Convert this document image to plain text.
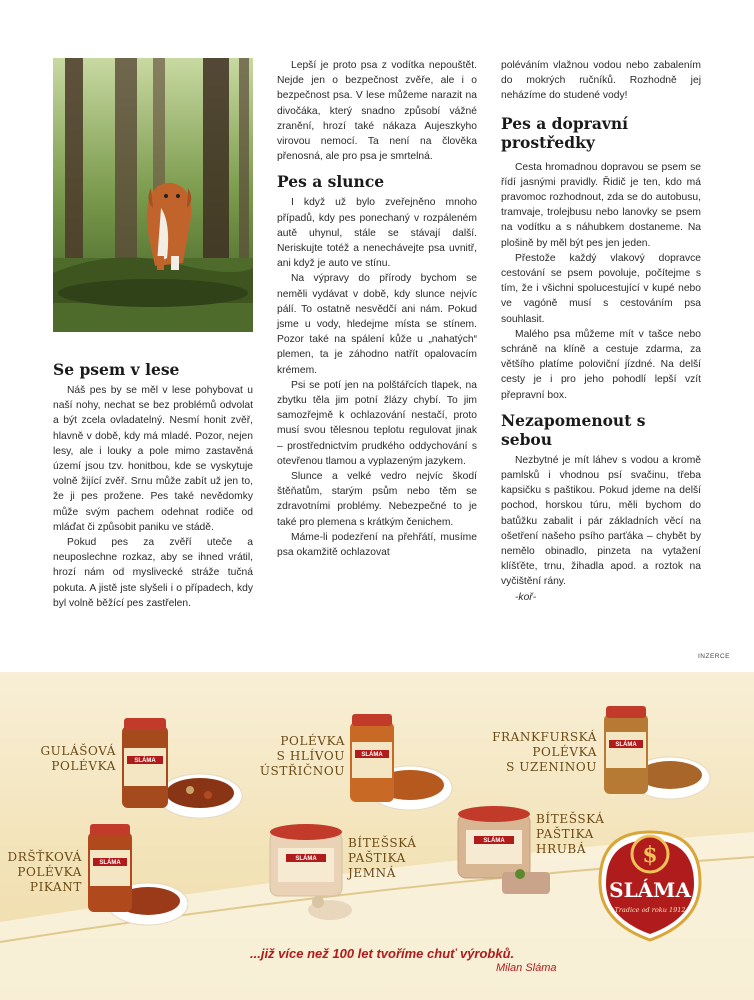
Se psem v lese

Náš pes by se měl v lese pohybovat u naší nohy, nechat se bez problémů odvolat a být zcela ovladatelný. Nesmí honit zvěř, hlavně v době, kdy má mladé. Pozor, nejen lesy, ale i louky a pole mimo zastavěná území jsou tzv. honitbou, kde se vyskytuje volně žijící zvěř. Srnu může zabít už jen to, že ji pes prožene. Pes také nevědomky může svým pachem odehnat rodiče od mláďat či způsobit paniku ve stádě.

Pokud pes za zvěří uteče a neuposlechne rozkaz, aby se ihned vrátil, hrozí nám od myslivecké stráže tučná pokuta. A jistě jste slyšeli i o případech, kdy byl volně běžící pes zastřelen.

Lepší je proto psa z vodítka nepouštět. Nejde jen o bezpečnost zvěře, ale i o bezpečnost psa. V lese můžeme narazit na divočáka, který snadno způsobí vážné zranění, hrozí také nákaza Aujeszkyho virovou nemocí. Ta není na člověka přenosná, ale pro psa je smrtelná.

Pes a slunce

I když už bylo zveřejněno mnoho případů, kdy pes ponechaný v rozpáleném autě uhynul, stále se stávají další. Neriskujte totéž a nenechávejte psa uvnitř, ani když je auto ve stínu.

Na výpravy do přírody bychom se neměli vydávat v době, kdy slunce nejvíc pálí. To ostatně nesvědčí ani nám. Pokud jsme u vody, hledejme místa se stínem. Pozor také na spálení kůže u „nahatých“ plemen, ta je záhodno natřít opalovacím krémem.

Psi se potí jen na polštářcích tlapek, na zbytku těla jim potní žlázy chybí. To jim samozřejmě k ochlazování nestačí, proto musí svou tělesnou teplotu regulovat jinak – prostřednictvím prudkého oddychování s otevřenou tlamou a vyplazeným jazykem.

Slunce a velké vedro nejvíc škodí štěňatům, starým psům nebo těm se zdravotními problémy. Nebezpečné to je také pro plemena s krátkým čenichem.

Máme-li podezření na přehřátí, musíme psa okamžitě ochlazovat

poléváním vlažnou vodou nebo zabalením do mokrých ručníků. Rozhodně jej neházíme do studené vody!

Pes a dopravní prostředky

Cesta hromadnou dopravou se psem se řídí jasnými pravidly. Řidič je ten, kdo má pravomoc rozhodnout, zda se do autobusu, tramvaje, trolejbusu nebo lanovky se psem na vodítku a s náhubkem dostaneme. Na plošině by měl být pes jen jeden.

Přestože každý vlakový dopravce cestování se psem povoluje, počítejme s tím, že i všichni spolucestující v kupé nebo ve vagóně musí s cestováním psa souhlasit.

Malého psa můžeme mít v tašce nebo schráně na klíně a cestuje zdarma, za většího platíme poloviční jízdné. Na delší cesty je i pro jeho pohodlí lepší vzít přepravní box.

Nezapomenout s sebou

Nezbytné je mít láhev s vodou a kromě pamlsků i vhodnou psí svačinu, třeba kapsičku s paštikou. Pokud jdeme na delší pochod, horskou túru, měli bychom do batůžku zabalit i pár základních věcí na ošetření našeho psího parťáka – chybět by nemělo obinadlo, pinzeta na vytažení klíšťěte, trnu, žihadla apod. a roztok na vyčištění rány.

-koř-

INZERCE
GULÁŠOVÁ
POLÉVKA
POLÉVKA
S HLÍVOU
ÚSTŘIČNOU
FRANKFURSKÁ
POLÉVKA
S UZENINOU
DRŠŤKOVÁ
POLÉVKA
PIKANT
BÍTEŠSKÁ
PAŠTIKA
JEMNÁ
BÍTEŠSKÁ
PAŠTIKA
HRUBÁ
SLÁMA
SLÁMA
SLÁMA
SLÁMA
SLÁMA
SLÁMA
$
SLÁMA
Tradice od roku 1912
...již více než 100 let tvoříme chuť výrobků.
Milan Sláma
